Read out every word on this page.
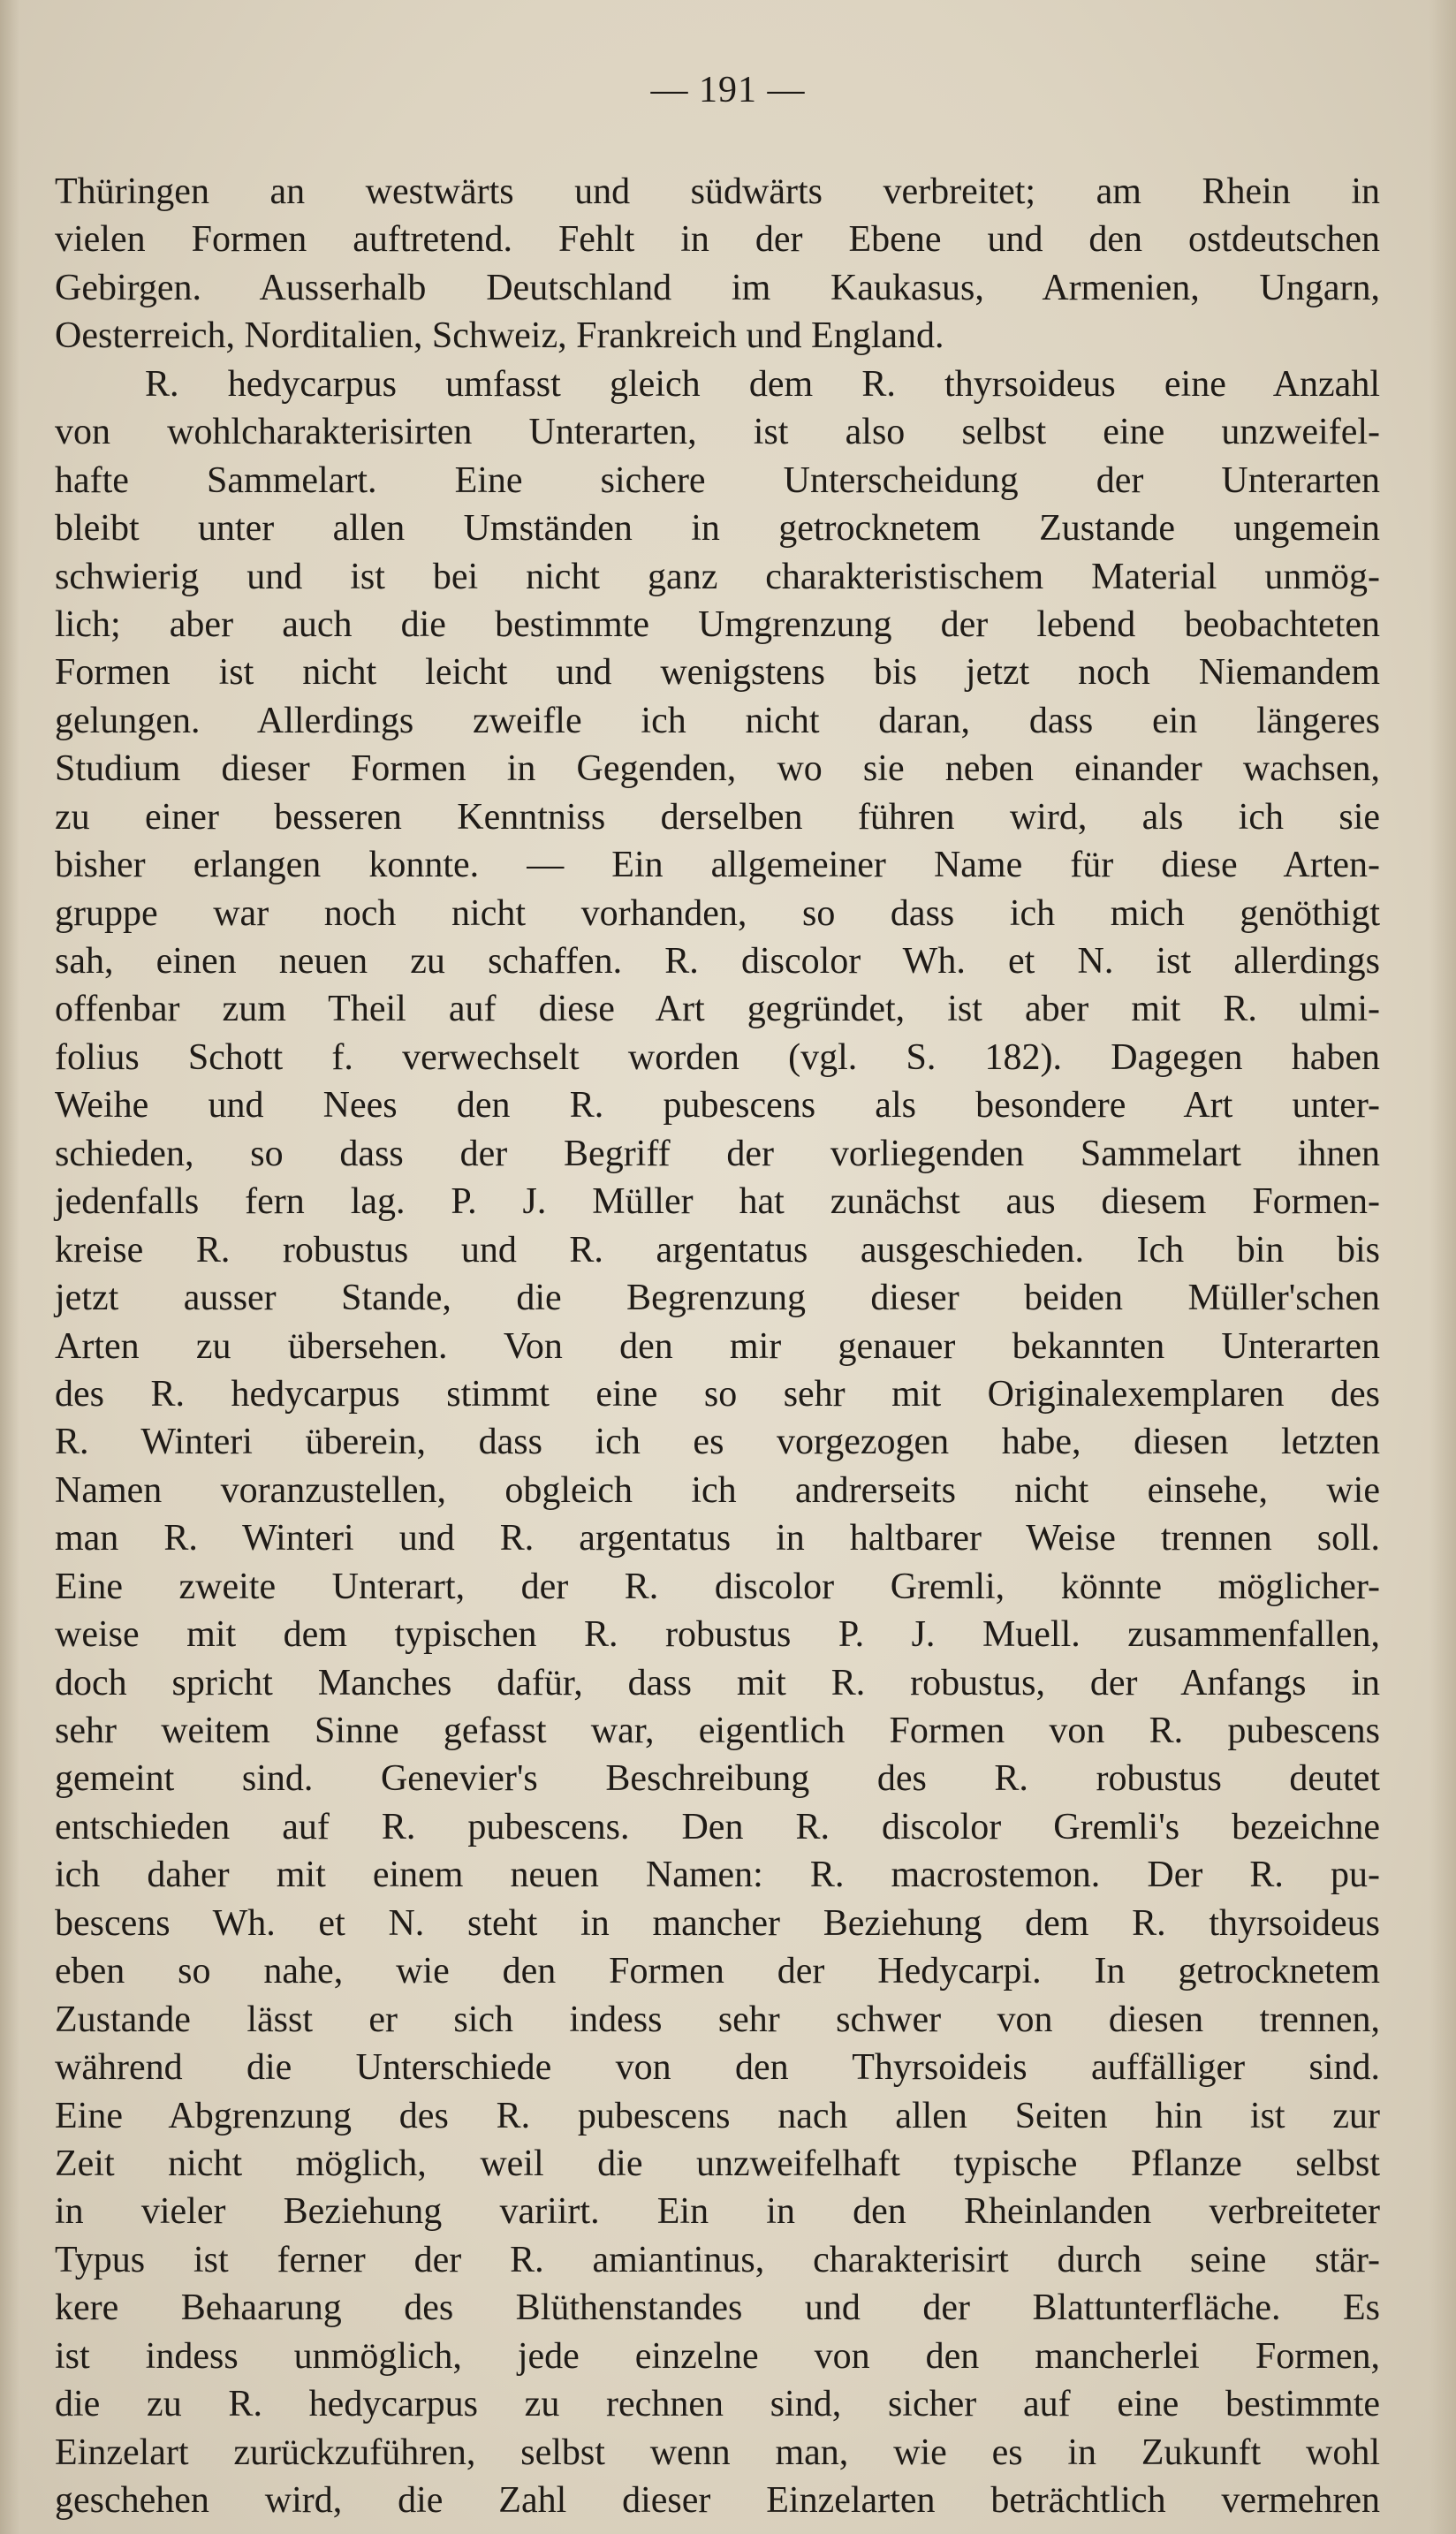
— 191 —
Thüringen an westwärts und südwärts verbreitet; am Rhein in
vielen Formen auftretend. Fehlt in der Ebene und den ostdeutschen
Gebirgen. Ausserhalb Deutschland im Kaukasus, Armenien, Ungarn,
Oesterreich, Norditalien, Schweiz, Frankreich und England.
R. hedycarpus umfasst gleich dem R. thyrsoideus eine Anzahl
von wohlcharakterisirten Unterarten, ist also selbst eine unzweifel-
hafte Sammelart. Eine sichere Unterscheidung der Unterarten
bleibt unter allen Umständen in getrocknetem Zustande ungemein
schwierig und ist bei nicht ganz charakteristischem Material unmög-
lich; aber auch die bestimmte Umgrenzung der lebend beobachteten
Formen ist nicht leicht und wenigstens bis jetzt noch Niemandem
gelungen. Allerdings zweifle ich nicht daran, dass ein längeres
Studium dieser Formen in Gegenden, wo sie neben einander wachsen,
zu einer besseren Kenntniss derselben führen wird, als ich sie
bisher erlangen konnte. — Ein allgemeiner Name für diese Arten-
gruppe war noch nicht vorhanden, so dass ich mich genöthigt
sah, einen neuen zu schaffen. R. discolor Wh. et N. ist allerdings
offenbar zum Theil auf diese Art gegründet, ist aber mit R. ulmi-
folius Schott f. verwechselt worden (vgl. S. 182). Dagegen haben
Weihe und Nees den R. pubescens als besondere Art unter-
schieden, so dass der Begriff der vorliegenden Sammelart ihnen
jedenfalls fern lag. P. J. Müller hat zunächst aus diesem Formen-
kreise R. robustus und R. argentatus ausgeschieden. Ich bin bis
jetzt ausser Stande, die Begrenzung dieser beiden Müller'schen
Arten zu übersehen. Von den mir genauer bekannten Unterarten
des R. hedycarpus stimmt eine so sehr mit Originalexemplaren des
R. Winteri überein, dass ich es vorgezogen habe, diesen letzten
Namen voranzustellen, obgleich ich andrerseits nicht einsehe, wie
man R. Winteri und R. argentatus in haltbarer Weise trennen soll.
Eine zweite Unterart, der R. discolor Gremli, könnte möglicher-
weise mit dem typischen R. robustus P. J. Muell. zusammenfallen,
doch spricht Manches dafür, dass mit R. robustus, der Anfangs in
sehr weitem Sinne gefasst war, eigentlich Formen von R. pubescens
gemeint sind. Genevier's Beschreibung des R. robustus deutet
entschieden auf R. pubescens. Den R. discolor Gremli's bezeichne
ich daher mit einem neuen Namen: R. macrostemon. Der R. pu-
bescens Wh. et N. steht in mancher Beziehung dem R. thyrsoideus
eben so nahe, wie den Formen der Hedycarpi. In getrocknetem
Zustande lässt er sich indess sehr schwer von diesen trennen,
während die Unterschiede von den Thyrsoideis auffälliger sind.
Eine Abgrenzung des R. pubescens nach allen Seiten hin ist zur
Zeit nicht möglich, weil die unzweifelhaft typische Pflanze selbst
in vieler Beziehung variirt. Ein in den Rheinlanden verbreiteter
Typus ist ferner der R. amiantinus, charakterisirt durch seine stär-
kere Behaarung des Blüthenstandes und der Blattunterfläche. Es
ist indess unmöglich, jede einzelne von den mancherlei Formen,
die zu R. hedycarpus zu rechnen sind, sicher auf eine bestimmte
Einzelart zurückzuführen, selbst wenn man, wie es in Zukunft wohl
geschehen wird, die Zahl dieser Einzelarten beträchtlich vermehren
